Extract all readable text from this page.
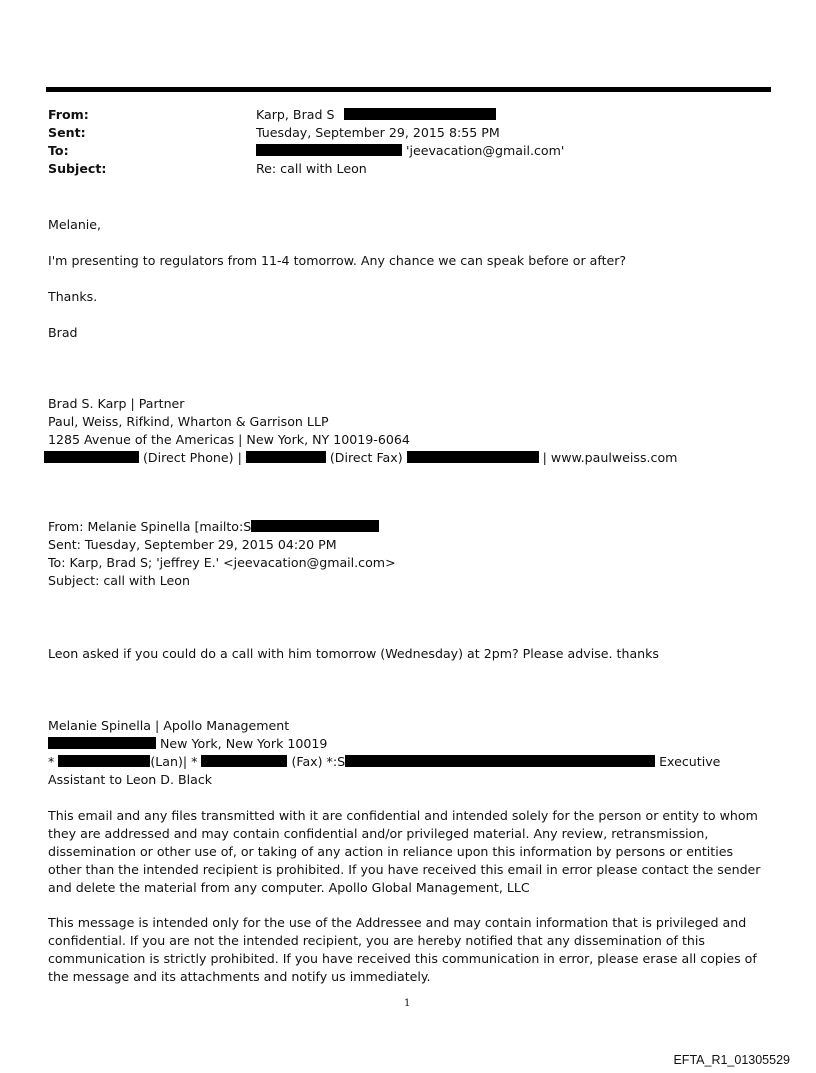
From:	Karp, Brad S
Sent:	Tuesday, September 29, 2015 8:55 PM
To:	'jeevacation@gmail.com'
Subject:	Re: call with Leon
Melanie,
I'm presenting to regulators from 11-4 tomorrow. Any chance we can speak before or after?
Thanks.
Brad
Brad S. Karp | Partner
Paul, Weiss, Rifkind, Wharton & Garrison LLP
1285 Avenue of the Americas | New York, NY 10019-6064
(Direct Phone) |	(Direct Fax)	| www.paulweiss.com
From: Melanie Spinella [mailto:S
Sent: Tuesday, September 29, 2015 04:20 PM
To: Karp, Brad S; 'jeffrey E.' <jeevacation@gmail.com>
Subject: call with Leon
Leon asked if you could do a call with him tomorrow (Wednesday) at 2pm? Please advise. thanks
Melanie Spinella | Apollo Management
New York, New York 10019
*	(Lan)| *	(Fax) *:S	Executive
Assistant to Leon D. Black
This email and any files transmitted with it are confidential and intended solely for the person or entity to whom they are addressed and may contain confidential and/or privileged material. Any review, retransmission, dissemination or other use of, or taking of any action in reliance upon this information by persons or entities other than the intended recipient is prohibited. If you have received this email in error please contact the sender and delete the material from any computer. Apollo Global Management, LLC
This message is intended only for the use of the Addressee and may contain information that is privileged and confidential. If you are not the intended recipient, you are hereby notified that any dissemination of this communication is strictly prohibited. If you have received this communication in error, please erase all copies of the message and its attachments and notify us immediately.
1
EFTA_R1_01305529
